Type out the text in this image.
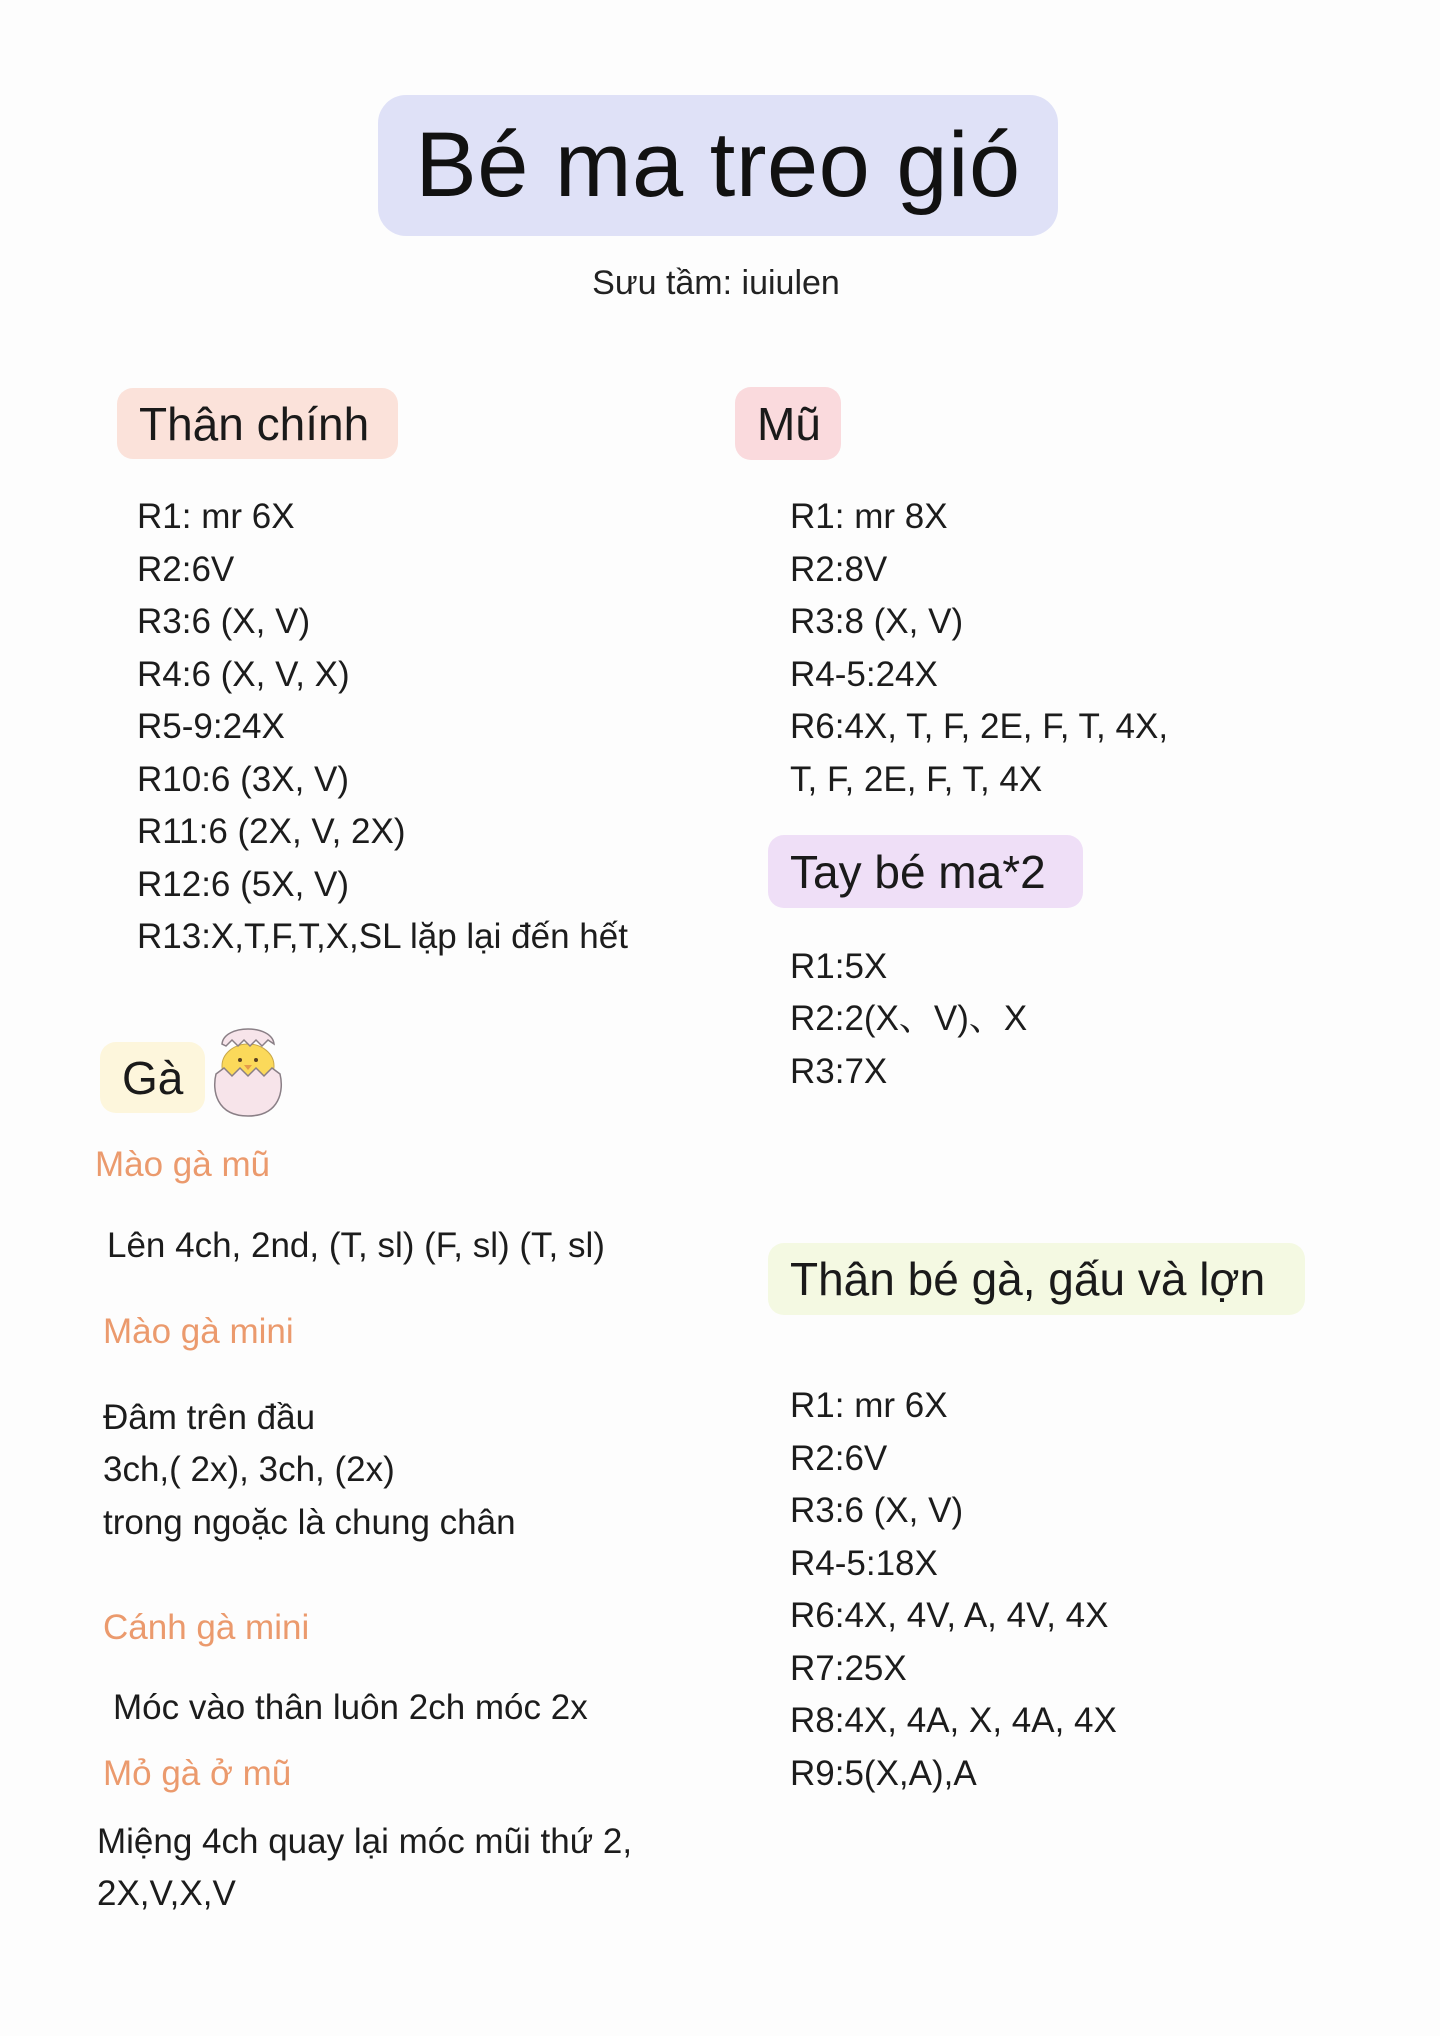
Bé ma treo gió
Sưu tầm: iuiulen
Thân chính
R1: mr 6X
R2:6V
R3:6 (X, V)
R4:6 (X, V, X)
R5-9:24X
R10:6 (3X, V)
R11:6 (2X, V, 2X)
R12:6 (5X, V)
R13:X,T,F,T,X,SL lặp lại đến hết
Mũ
R1: mr 8X
R2:8V
R3:8 (X, V)
R4-5:24X
R6:4X, T, F, 2E, F, T, 4X,
T, F, 2E, F, T, 4X
Tay bé ma*2
R1:5X
R2:2(X、V)、X
R3:7X
Gà
Mào gà mũ
Lên 4ch, 2nd, (T, sl) (F, sl) (T, sl)
Mào gà mini
Đâm trên đầu
3ch,( 2x), 3ch, (2x)
trong ngoặc là chung chân
Cánh gà mini
Móc vào thân luôn 2ch móc 2x
Mỏ gà ở mũ
Miệng 4ch quay lại móc mũi thứ 2,
2X,V,X,V
Thân bé gà, gấu và lợn
R1: mr 6X
R2:6V
R3:6 (X, V)
R4-5:18X
R6:4X, 4V, A, 4V, 4X
R7:25X
R8:4X, 4A, X, 4A, 4X
R9:5(X,A),A
